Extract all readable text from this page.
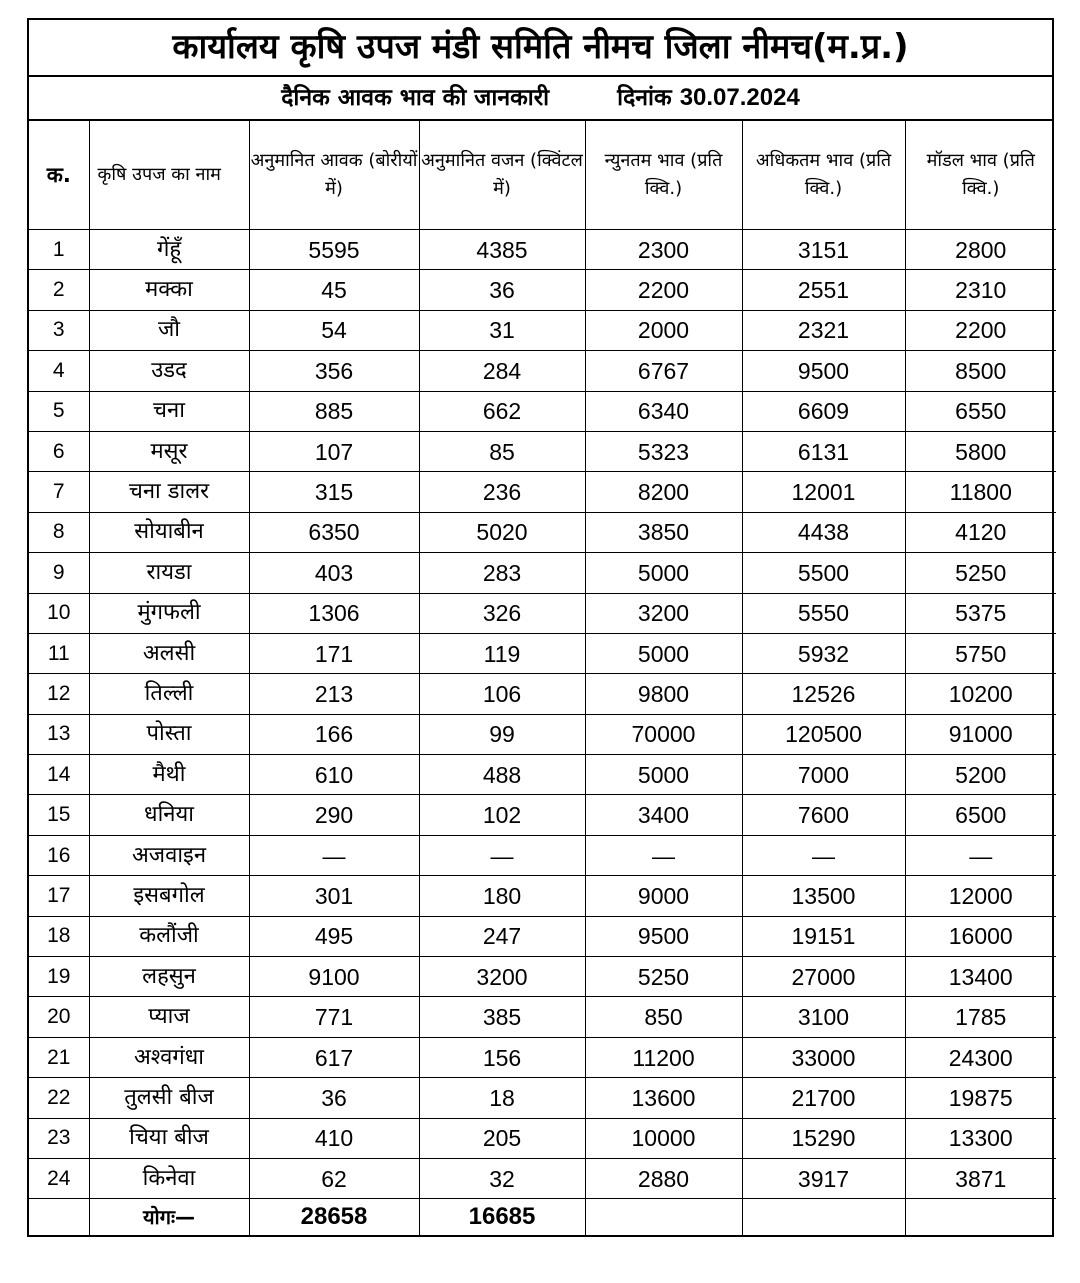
कार्यालय कृषि उपज मंडी समिति नीमच जिला नीमच(म.प्र.)
दैनिक आवक भाव की जानकारी	दिनांक 30.07.2024
क.	कृषि उपज का नाम	अनुमानित आवक (बोरीयों में)	अनुमानित वजन (क्विंटल में)	न्युनतम भाव (प्रति क्वि.)	अधिकतम भाव (प्रति क्वि.)	मॉडल भाव (प्रति क्वि.)
1	गेंहूँ	5595	4385	2300	3151	2800
2	मक्का	45	36	2200	2551	2310
3	जौ	54	31	2000	2321	2200
4	उडद	356	284	6767	9500	8500
5	चना	885	662	6340	6609	6550
6	मसूर	107	85	5323	6131	5800
7	चना डालर	315	236	8200	12001	11800
8	सोयाबीन	6350	5020	3850	4438	4120
9	रायडा	403	283	5000	5500	5250
10	मुंगफली	1306	326	3200	5550	5375
11	अलसी	171	119	5000	5932	5750
12	तिल्ली	213	106	9800	12526	10200
13	पोस्ता	166	99	70000	120500	91000
14	मैथी	610	488	5000	7000	5200
15	धनिया	290	102	3400	7600	6500
16	अजवाइन	—	—	—	—	—
17	इसबगोल	301	180	9000	13500	12000
18	कलौंजी	495	247	9500	19151	16000
19	लहसुन	9100	3200	5250	27000	13400
20	प्याज	771	385	850	3100	1785
21	अश्वगंधा	617	156	11200	33000	24300
22	तुलसी बीज	36	18	13600	21700	19875
23	चिया बीज	410	205	10000	15290	13300
24	किनेवा	62	32	2880	3917	3871
	योगः—	28658	16685			
